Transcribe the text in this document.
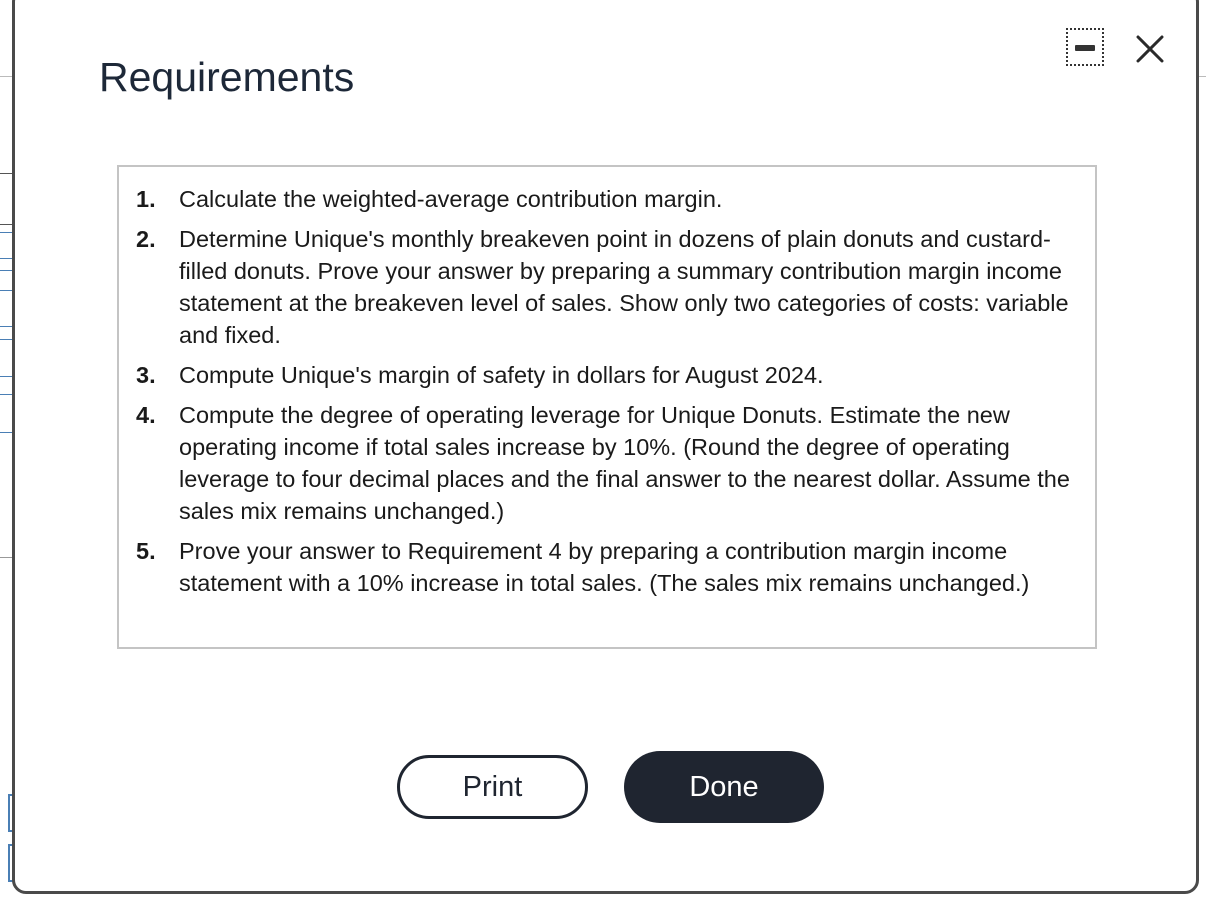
Requirements
1. Calculate the weighted-average contribution margin.
2. Determine Unique's monthly breakeven point in dozens of plain donuts and custard-filled donuts. Prove your answer by preparing a summary contribution margin income statement at the breakeven level of sales. Show only two categories of costs: variable and fixed.
3. Compute Unique's margin of safety in dollars for August 2024.
4. Compute the degree of operating leverage for Unique Donuts. Estimate the new operating income if total sales increase by 10%. (Round the degree of operating leverage to four decimal places and the final answer to the nearest dollar. Assume the sales mix remains unchanged.)
5. Prove your answer to Requirement 4 by preparing a contribution margin income statement with a 10% increase in total sales. (The sales mix remains unchanged.)
Print	Done
